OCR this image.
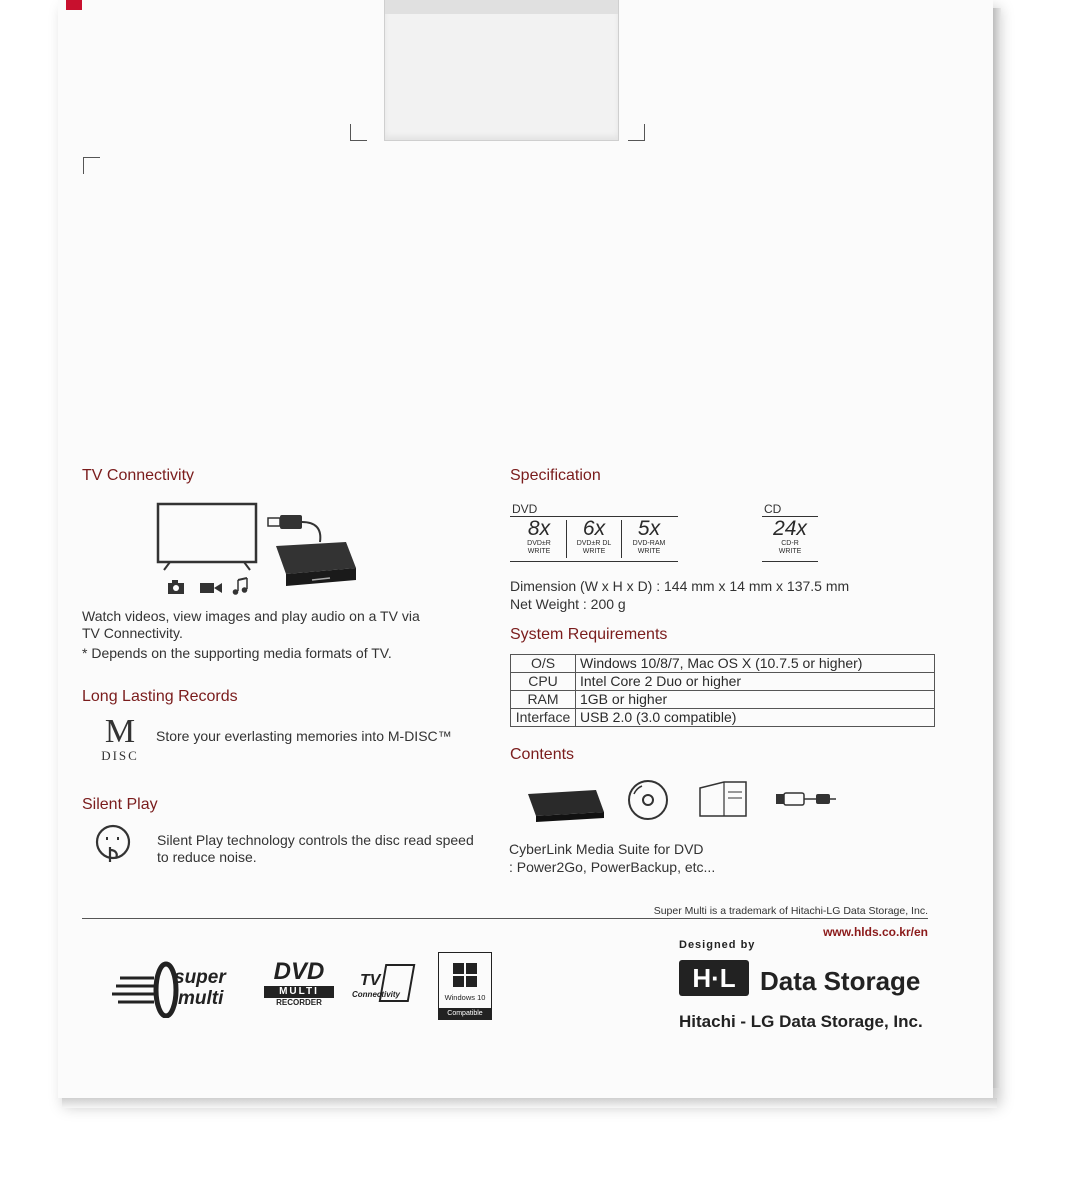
TV Connectivity
Watch videos, view images and play audio on a TV via
TV Connectivity.
* Depends on the supporting media formats of TV.
Long Lasting Records
M
DISC
Store your everlasting memories into M-DISC™
Silent Play
Silent Play technology controls the disc read speed
to reduce noise.
Specification
DVD	CD
8x
DVD±R
WRITE
6x
DVD±R DL
WRITE
5x
DVD-RAM
WRITE
24x
CD-R
WRITE
Dimension (W x H x D) : 144 mm x 14 mm x 137.5 mm
Net Weight : 200 g
System Requirements
O/S	Windows 10/8/7, Mac OS X (10.7.5 or higher)
CPU	Intel Core 2 Duo or higher
RAM	1GB or higher
Interface	USB 2.0 (3.0 compatible)
Contents
CyberLink Media Suite for DVD
: Power2Go, PowerBackup, etc...
Super Multi is a trademark of Hitachi-LG Data Storage, Inc.
www.hlds.co.kr/en
super
multi
DVD
MULTI
RECORDER
TV
Connectivity	Windows 10
Compatible
Designed by
H·L Data Storage
Hitachi - LG Data Storage, Inc.
